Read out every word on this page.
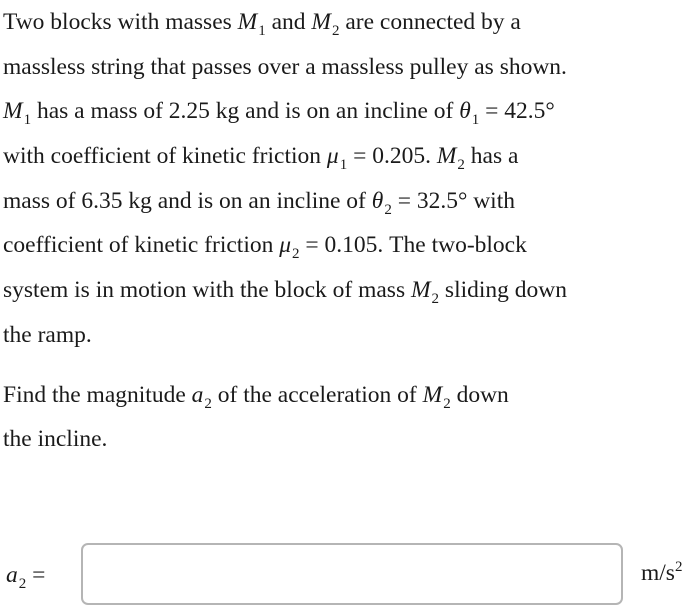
Two blocks with masses $M_1$ and $M_2$ are connected by a
massless string that passes over a massless pulley as shown.
$M_1$ has a mass of 2.25 kg and is on an incline of $\theta_1 = 42.5^\circ$
with coefficient of kinetic friction $\mu_1 = 0.205$. $M_2$ has a
mass of 6.35 kg and is on an incline of $\theta_2 = 32.5^\circ$ with
coefficient of kinetic friction $\mu_2 = 0.105$. The two-block
system is in motion with the block of mass $M_2$ sliding down
the ramp.
Find the magnitude $a_2$ of the acceleration of $M_2$ down
the incline.
$a_2$ =	$m/s^2$
